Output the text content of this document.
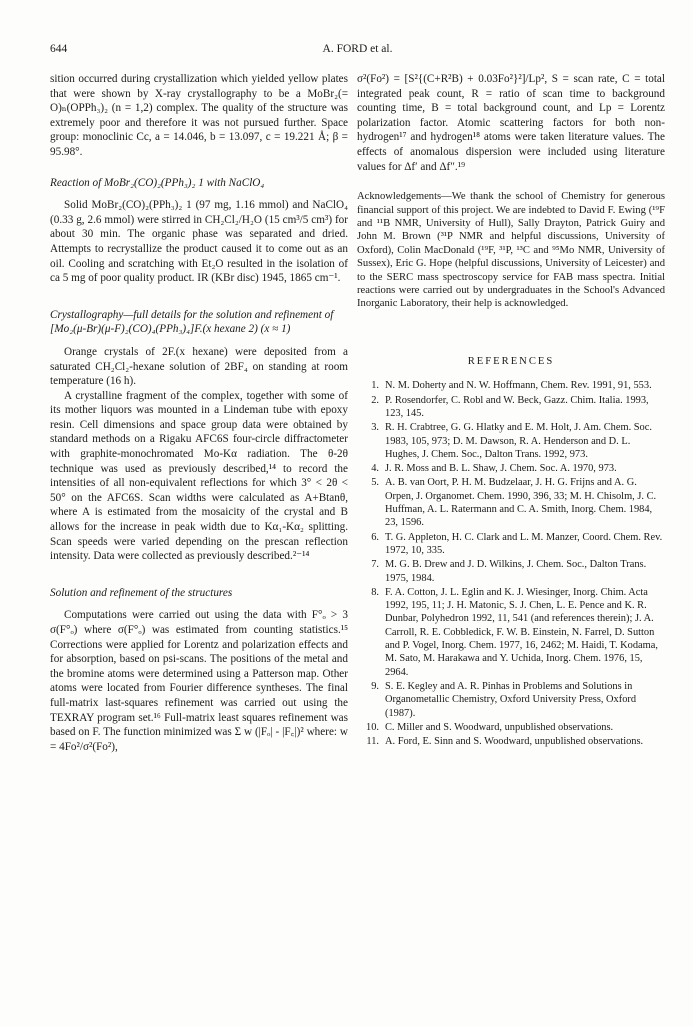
644	A. FORD et al.

sition occurred during crystallization which yielded yellow plates that were shown by X-ray crystallography to be a MoBr₂(= O)ₙ(OPPh₃)₂ (n = 1,2) complex. The quality of the structure was extremely poor and therefore it was not pursued further. Space group: monoclinic Cc, a = 14.046, b = 13.097, c = 19.221 Å; β = 95.98°.

Reaction of MoBr₂(CO)₂(PPh₃)₂ 1 with NaClO₄

Solid MoBr₂(CO)₂(PPh₃)₂ 1 (97 mg, 1.16 mmol) and NaClO₄ (0.33 g, 2.6 mmol) were stirred in CH₂Cl₂/H₂O (15 cm³/5 cm³) for about 30 min. The organic phase was separated and dried. Attempts to recrystallize the product caused it to come out as an oil. Cooling and scratching with Et₂O resulted in the isolation of ca 5 mg of poor quality product. IR (KBr disc) 1945, 1865 cm⁻¹.

Crystallography—full details for the solution and refinement of [Mo₂(μ-Br)(μ-F)₂(CO)₄(PPh₃)₄]F.(x hexane 2) (x ≈ 1)

Orange crystals of 2F.(x hexane) were deposited from a saturated CH₂Cl₂-hexane solution of 2BF₄ on standing at room temperature (16 h).

A crystalline fragment of the complex, together with some of its mother liquors was mounted in a Lindeman tube with epoxy resin. Cell dimensions and space group data were obtained by standard methods on a Rigaku AFC6S four-circle diffractometer with graphite-monochromated Mo-Kα radiation. The θ-2θ technique was used as previously described,¹⁴ to record the intensities of all non-equivalent reflections for which 3° < 2θ < 50° on the AFC6S. Scan widths were calculated as A+Btanθ, where A is estimated from the mosaicity of the crystal and B allows for the increase in peak width due to Kα₁-Kα₂ splitting. Scan speeds were varied depending on the prescan reflection intensity. Data were collected as previously described.²⁻¹⁴

Solution and refinement of the structures

Computations were carried out using the data with F°ₒ > 3 σ(F°ₒ) where σ(F°ₒ) was estimated from counting statistics.¹⁵ Corrections were applied for Lorentz and polarization effects and for absorption, based on psi-scans. The positions of the metal and the bromine atoms were determined using a Patterson map. Other atoms were located from Fourier difference syntheses. The final full-matrix last-squares refinement was carried out using the TEXRAY program set.¹⁶ Full-matrix least squares refinement was based on F. The function minimized was Σ w (|Fₒ| - |F꜀|)² where: w = 4Fo²/σ²(Fo²),

σ²(Fo²) = [S²{(C+R²B) + 0.03Fo²}²]/Lp², S = scan rate, C = total integrated peak count, R = ratio of scan time to background counting time, B = total background count, and Lp = Lorentz polarization factor. Atomic scattering factors for both non-hydrogen¹⁷ and hydrogen¹⁸ atoms were taken literature values. The effects of anomalous dispersion were included using literature values for Δf′ and Δf″.¹⁹

Acknowledgements—We thank the school of Chemistry for generous financial support of this project. We are indebted to David F. Ewing (¹⁹F and ¹¹B NMR, University of Hull), Sally Drayton, Patrick Guiry and John M. Brown (³¹P NMR and helpful discussions, University of Oxford), Colin MacDonald (¹⁹F, ³¹P, ¹³C and ⁹⁵Mo NMR, University of Sussex), Eric G. Hope (helpful discussions, University of Leicester) and to the SERC mass spectroscopy service for FAB mass spectra. Initial reactions were carried out by undergraduates in the School's Advanced Inorganic Laboratory, their help is acknowledged.

REFERENCES
1. N. M. Doherty and N. W. Hoffmann, Chem. Rev. 1991, 91, 553.
2. P. Rosendorfer, C. Robl and W. Beck, Gazz. Chim. Italia. 1993, 123, 145.
3. R. H. Crabtree, G. G. Hlatky and E. M. Holt, J. Am. Chem. Soc. 1983, 105, 973; D. M. Dawson, R. A. Henderson and D. L. Hughes, J. Chem. Soc., Dalton Trans. 1992, 973.
4. J. R. Moss and B. L. Shaw, J. Chem. Soc. A. 1970, 973.
5. A. B. van Oort, P. H. M. Budzelaar, J. H. G. Frijns and A. G. Orpen, J. Organomet. Chem. 1990, 396, 33; M. H. Chisolm, J. C. Huffman, A. L. Ratermann and C. A. Smith, Inorg. Chem. 1984, 23, 1596.
6. T. G. Appleton, H. C. Clark and L. M. Manzer, Coord. Chem. Rev. 1972, 10, 335.
7. M. G. B. Drew and J. D. Wilkins, J. Chem. Soc., Dalton Trans. 1975, 1984.
8. F. A. Cotton, J. L. Eglin and K. J. Wiesinger, Inorg. Chim. Acta 1992, 195, 11; J. H. Matonic, S. J. Chen, L. E. Pence and K. R. Dunbar, Polyhedron 1992, 11, 541 (and references therein); J. A. Carroll, R. E. Cobbledick, F. W. B. Einstein, N. Farrel, D. Sutton and P. Vogel, Inorg. Chem. 1977, 16, 2462; M. Haidi, T. Kodama, M. Sato, M. Harakawa and Y. Uchida, Inorg. Chem. 1976, 15, 2964.
9. S. E. Kegley and A. R. Pinhas in Problems and Solutions in Organometallic Chemistry, Oxford University Press, Oxford (1987).
10. C. Miller and S. Woodward, unpublished observations.
11. A. Ford, E. Sinn and S. Woodward, unpublished observations.
